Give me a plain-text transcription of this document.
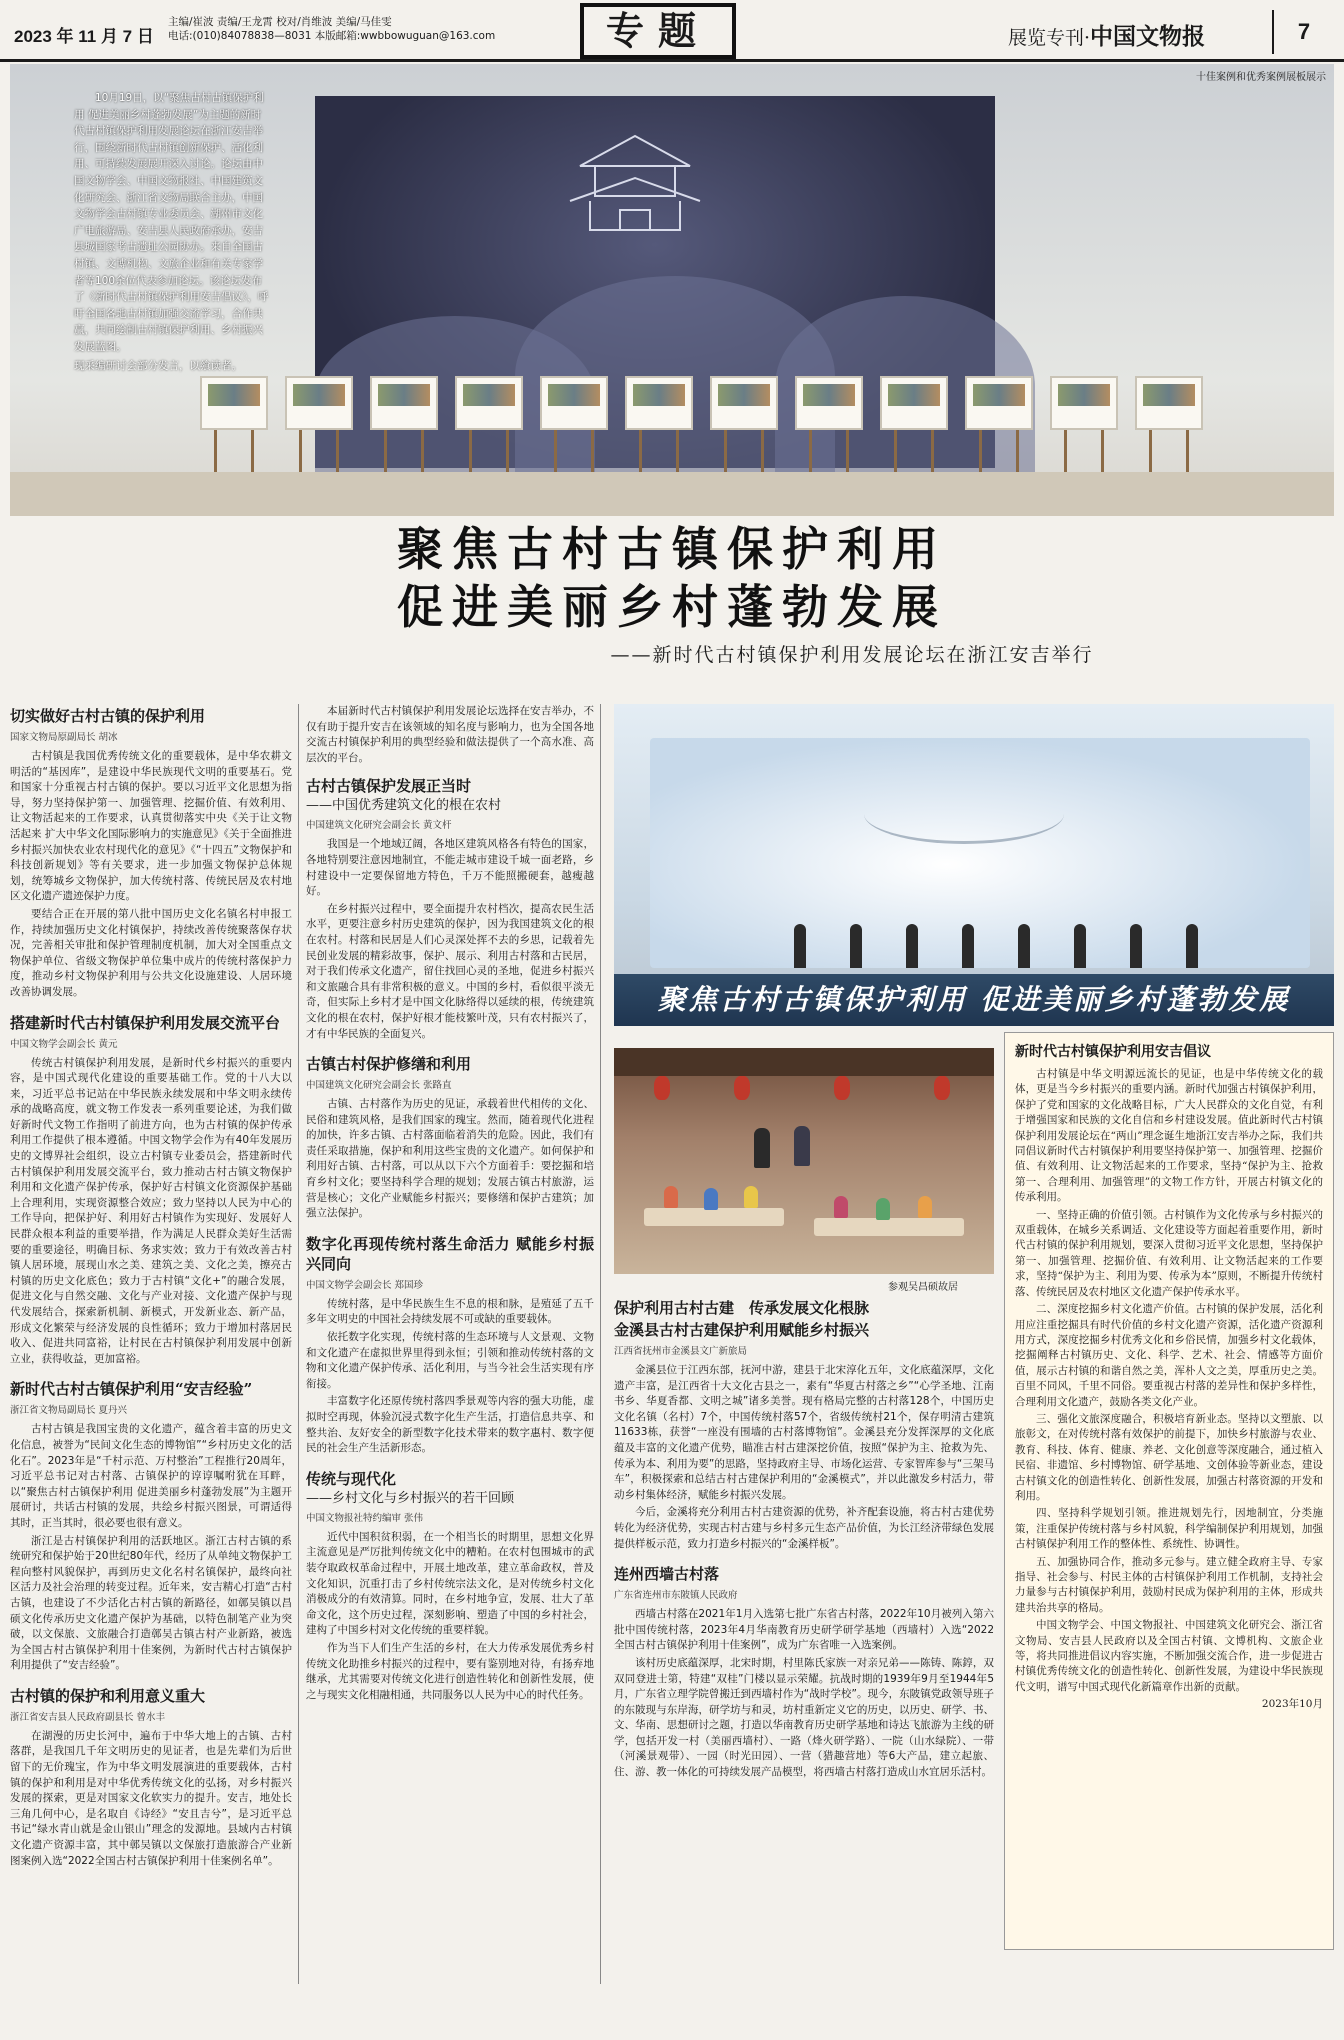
2023 年 11 月 7 日
主编/崔波 责编/王龙霄 校对/肖维波 美编/马佳雯
电话:(010)84078838—8031 本版邮箱:wwbbowuguan@163.com	专题	展览专刊·中国文物报	7
十佳案例和优秀案例展板展示

10月19日，以“聚焦古村古镇保护利用 促进美丽乡村蓬勃发展”为主题的新时代古村镇保护利用发展论坛在浙江安吉举行，围绕新时代古村镇创新保护、活化利用、可持续发展展开深入讨论。论坛由中国文物学会、中国文物报社、中国建筑文化研究会、浙江省文物局联合主办，中国文物学会古村镇专业委员会、湖州市文化广电旅游局、安吉县人民政府承办，安吉县城国家考古遗址公园协办。来自全国古村镇、文博机构、文旅企业和有关专家学者等100余位代表参加论坛。该论坛发布了《新时代古村镇保护利用安吉倡议》，呼吁全国各地古村镇加强交流学习，合作共赢，共同绘制古村镇保护利用、乡村振兴发展蓝图。

现采编研讨会部分发言，以飨读者。

聚焦古村古镇保护利用
促进美丽乡村蓬勃发展
——新时代古村镇保护利用发展论坛在浙江安吉举行
切实做好古村古镇的保护利用
国家文物局原副局长 胡冰

古村镇是我国优秀传统文化的重要载体，是中华农耕文明活的“基因库”，是建设中华民族现代文明的重要基石。党和国家十分重视古村古镇的保护。要以习近平文化思想为指导，努力坚持保护第一、加强管理、挖掘价值、有效利用、让文物活起来的工作要求，认真贯彻落实中央《关于让文物活起来 扩大中华文化国际影响力的实施意见》《关于全面推进乡村振兴加快农业农村现代化的意见》《“十四五”文物保护和科技创新规划》等有关要求，进一步加强文物保护总体规划，统筹城乡文物保护，加大传统村落、传统民居及农村地区文化遗产遗迹保护力度。

要结合正在开展的第八批中国历史文化名镇名村申报工作，持续加强历史文化村镇保护，持续改善传统聚落保存状况，完善相关审批和保护管理制度机制，加大对全国重点文物保护单位、省级文物保护单位集中成片的传统村落保护力度，推动乡村文物保护利用与公共文化设施建设、人居环境改善协调发展。

搭建新时代古村镇保护利用发展交流平台
中国文物学会副会长 黄元

传统古村镇保护利用发展，是新时代乡村振兴的重要内容，是中国式现代化建设的重要基础工作。党的十八大以来，习近平总书记站在中华民族永续发展和中华文明永续传承的战略高度，就文物工作发表一系列重要论述，为我们做好新时代文物工作指明了前进方向，也为古村镇的保护传承利用工作提供了根本遵循。中国文物学会作为有40年发展历史的文博界社会组织，设立古村镇专业委员会，搭建新时代古村镇保护利用发展交流平台，致力推动古村古镇文物保护利用和文化遗产保护传承，保护好古村镇文化资源保护基础上合理利用，实现资源整合效应；致力坚持以人民为中心的工作导向，把保护好、利用好古村镇作为实现好、发展好人民群众根本利益的重要举措，作为满足人民群众美好生活需要的重要途径，明确目标、务求实效；致力于有效改善古村镇人居环境，展现山水之美、建筑之美、文化之美，擦亮古村镇的历史文化底色；致力于古村镇“文化+”的融合发展，促进文化与自然交融、文化与产业对接、文化遗产保护与现代发展结合，探索新机制、新模式，开发新业态、新产品，形成文化繁荣与经济发展的良性循环；致力于增加村落居民收入、促进共同富裕，让村民在古村镇保护利用发展中创新立业，获得收益，更加富裕。

新时代古村古镇保护利用“安吉经验”
浙江省文物局副局长 夏丹兴

古村古镇是我国宝贵的文化遗产，蕴含着丰富的历史文化信息，被誉为“民间文化生态的博物馆”“乡村历史文化的活化石”。2023年是“千村示范、万村整治”工程推行20周年，习近平总书记对古村落、古镇保护的谆谆嘱咐犹在耳畔，以“聚焦古村古镇保护利用 促进美丽乡村蓬勃发展”为主题开展研讨，共话古村镇的发展，共绘乡村振兴图景，可谓适得其时，正当其时，很必要也很有意义。

浙江是古村镇保护利用的活跃地区。浙江古村古镇的系统研究和保护始于20世纪80年代，经历了从单纯文物保护工程向整村风貌保护，再到历史文化名村名镇保护，最终向社区活力及社会治理的转变过程。近年来，安吉精心打造“古村古镇，也建设了不少活化古村古镇的新路径，如鄣吴镇以昌硕文化传承历史文化遗产保护为基础，以特色制笔产业为突破，以文保旅、文旅融合打造鄣吴古镇古村产业新路，被选为全国古村古镇保护利用十佳案例，为新时代古村古镇保护利用提供了“安吉经验”。

古村镇的保护和利用意义重大
浙江省安吉县人民政府副县长 曾水丰

在湖漫的历史长河中，遍布于中华大地上的古镇、古村落群，是我国几千年文明历史的见证者，也是先辈们为后世留下的无价瑰宝，作为中华文明发展演进的重要载体，古村镇的保护和利用是对中华优秀传统文化的弘扬，对乡村振兴发展的探索，更是对国家文化软实力的提升。安吉，地处长三角几何中心，是名取自《诗经》“安且吉兮”，是习近平总书记“绿水青山就是金山银山”理念的发源地。县域内古村镇文化遗产资源丰富，其中鄣吴镇以文保旅打造旅游合产业新图案例入选“2022全国古村古镇保护利用十佳案例名单”。

本届新时代古村镇保护利用发展论坛选择在安吉举办，不仅有助于提升安吉在该领域的知名度与影响力，也为全国各地交流古村镇保护利用的典型经验和做法提供了一个高水准、高层次的平台。

古村古镇保护发展正当时
——中国优秀建筑文化的根在农村
中国建筑文化研究会副会长 黄文杆

我国是一个地域辽阔，各地区建筑风格各有特色的国家，各地特别要注意因地制宜，不能走城市建设千城一面老路，乡村建设中一定要保留地方特色，千万不能照搬硬套，越瘦越好。

在乡村振兴过程中，要全面提升农村档次，提高农民生活水平，更要注意乡村历史建筑的保护，因为我国建筑文化的根在农村。村落和民居是人们心灵深处挥不去的乡思，记载着先民创业发展的精彩故事，保护、展示、利用古村落和古民居，对于我们传承文化遗产，留住找回心灵的圣地，促进乡村振兴和文旅融合具有非常积极的意义。中国的乡村，看似很平淡无奇，但实际上乡村才是中国文化脉络得以延续的根，传统建筑文化的根在农村，保护好根才能枝繁叶茂，只有农村振兴了，才有中华民族的全面复兴。

古镇古村保护修缮和利用
中国建筑文化研究会副会长 张路直

古镇、古村落作为历史的见证，承载着世代相传的文化、民俗和建筑风格，是我们国家的瑰宝。然而，随着现代化进程的加快，许多古镇、古村落面临着消失的危险。因此，我们有责任采取措施，保护和利用这些宝贵的文化遗产。如何保护和利用好古镇、古村落，可以从以下六个方面着手：要挖掘和培育乡村文化；要坚持科学合理的规划；发展古镇古村旅游，运营是核心；文化产业赋能乡村振兴；要修缮和保护古建筑；加强立法保护。

数字化再现传统村落生命活力 赋能乡村振兴同向
中国文物学会副会长 郑国珍

传统村落，是中华民族生生不息的根和脉，是殖延了五千多年文明史的中国社会持续发展不可或缺的重要载体。

依托数字化实现，传统村落的生态环境与人文景观、文物和文化遗产在虚拟世界里得到永恒；引领和推动传统村落的文物和文化遗产保护传承、活化利用，与当今社会生活实现有序衔接。

丰富数字化还原传统村落四季景观等内容的强大功能，虚拟时空再现，体验沉浸式数字化生产生活，打造信息共享、和整共治、友好安全的新型数字化技术带来的数字惠村、数字便民的社会生产生活新形态。

传统与现代化
——乡村文化与乡村振兴的若干回顾
中国文物报社特约编审 张伟

近代中国积贫积弱，在一个相当长的时期里，思想文化界主流意见是严厉批判传统文化中的糟粕。在农村包围城市的武装夺取政权革命过程中，开展土地改革，建立革命政权，普及文化知识，沉重打击了乡村传统宗法文化，是对传统乡村文化消极成分的有效清算。同时，在乡村地争宣，发展、壮大了革命文化，这个历史过程，深刻影响、塑造了中国的乡村社会，建构了中国乡村对文化传统的重要样貌。

作为当下人们生产生活的乡村，在大力传承发展优秀乡村传统文化助推乡村振兴的过程中，要有鉴别地对待，有扬弃地继承，尤其需要对传统文化进行创造性转化和创新性发展，使之与现实文化相融相通，共同服务以人民为中心的时代任务。

聚焦古村古镇保护利用 促进美丽乡村蓬勃发展
参观吴昌硕故居
保护利用古村古建　传承发展文化根脉
金溪县古村古建保护利用赋能乡村振兴
江西省抚州市金溪县文广新旅局

金溪县位于江西东部，抚河中游，建县于北宋淳化五年，文化底蕴深厚，文化遗产丰富，是江西省十大文化古县之一，素有“华夏古村落之乡”“心学圣地、江南书乡、华夏香都、文明之城”诸多美誉。现有格局完整的古村落128个，中国历史文化名镇（名村）7个，中国传统村落57个，省级传统村21个，保存明清古建筑11633栋，获誉“一座没有围墙的古村落博物馆”。金溪县充分发挥深厚的文化底蕴及丰富的文化遗产优势，瞄准古村古建深挖价值，按照“保护为主、抢救为先、传承为本、利用为要”的思路，坚持政府主导、市场化运营、专家智库参与“三架马车”，积极探索和总结古村古建保护利用的“金溪模式”，并以此激发乡村活力，带动乡村集体经济，赋能乡村振兴发展。

今后，金溪将充分利用古村古建资源的优势，补齐配套设施，将古村古建优势转化为经济优势，实现古村古建与乡村多元生态产品价值，为长江经济带绿色发展提供样板示范，致力打造乡村振兴的“金溪样板”。

连州西墙古村落
广东省连州市东陂镇人民政府

西墙古村落在2021年1月入选第七批广东省古村落，2022年10月被列入第六批中国传统村落，2023年4月华南教育历史研学研学基地（西墙村）入选“2022全国古村古镇保护利用十佳案例”，成为广东省唯一入选案例。

该村历史底蕴深厚，北宋时期，村里陈氏家族一对亲兄弟——陈铸、陈錞，双双同登进士第，特建“双桂”门楼以显示荣耀。抗战时期的1939年9月至1944年5月，广东省立理学院曾搬迁到西墙村作为“战时学校”。现今，东陂镇党政领导班子的东陂现与东岸海，研学坊与和灵，坊村重新定义它的历史，以历史、研学、书、文、华南、思想研讨之题，打造以华南教育历史研学基地和诗达飞旅游为主线的研学，包括开发一村（美丽西墙村）、一路（烽火研学路）、一院（山水绿院）、一带（河溪景观带）、一园（时光田园）、一营（猎趣营地）等6大产品，建立起旅、住、游、教一体化的可持续发展产品模型，将西墙古村落打造成山水宜居乐活村。

新时代古村镇保护利用安吉倡议

古村镇是中华文明源远流长的见证，也是中华传统文化的载体，更是当今乡村振兴的重要内涵。新时代加强古村镇保护利用，保护了党和国家的文化战略目标，广大人民群众的文化自觉，有利于增强国家和民族的文化自信和乡村建设发展。值此新时代古村镇保护利用发展论坛在“两山”理念诞生地浙江安吉举办之际，我们共同倡议新时代古村镇保护利用要坚持保护第一、加强管理、挖掘价值、有效利用、让文物活起来的工作要求，坚持“保护为主、抢救第一、合理利用、加强管理”的文物工作方针，开展古村镇文化的传承利用。

一、坚持正确的价值引领。古村镇作为文化传承与乡村振兴的双重载体，在城乡关系调适、文化建设等方面起着重要作用，新时代古村镇的保护利用规划，要深入贯彻习近平文化思想，坚持保护第一、加强管理、挖掘价值、有效利用、让文物活起来的工作要求，坚持“保护为主、利用为要、传承为本”原则，不断提升传统村落、传统民居及农村地区文化遗产保护传承水平。

二、深度挖掘乡村文化遗产价值。古村镇的保护发展，活化利用应注重挖掘具有时代价值的乡村文化遗产资源，活化遗产资源利用方式，深度挖掘乡村优秀文化和乡俗民情，加强乡村文化载体，挖掘阐释古村镇历史、文化、科学、艺术、社会、情感等方面价值，展示古村镇的和谐自然之美，浑朴人文之美，厚重历史之美。百里不同风，千里不同俗。要重视古村落的差异性和保护多样性，合理利用文化遗产，鼓励各类文化产业。

三、强化文旅深度融合，积极培育新业态。坚持以文塑旅、以旅彰文，在对传统村落有效保护的前提下，加快乡村旅游与农业、教育、科技、体育、健康、养老、文化创意等深度融合，通过植入民宿、非遗馆、乡村博物馆、研学基地、文创体验等新业态，建设古村镇文化的创造性转化、创新性发展，加强古村落资源的开发和利用。

四、坚持科学规划引领。推进规划先行，因地制宜，分类施策，注重保护传统村落与乡村风貌，科学编制保护利用规划，加强古村镇保护利用工作的整体性、系统性、协调性。

五、加强协同合作，推动多元参与。建立健全政府主导、专家指导、社会参与、村民主体的古村镇保护利用工作机制，支持社会力量参与古村镇保护利用，鼓励村民成为保护利用的主体，形成共建共治共享的格局。

中国文物学会、中国文物报社、中国建筑文化研究会、浙江省文物局、安吉县人民政府以及全国古村镇、文博机构、文旅企业等，将共同推进倡议内容实施，不断加强交流合作，进一步促进古村镇优秀传统文化的创造性转化、创新性发展，为建设中华民族现代文明，谱写中国式现代化新篇章作出新的贡献。

2023年10月
